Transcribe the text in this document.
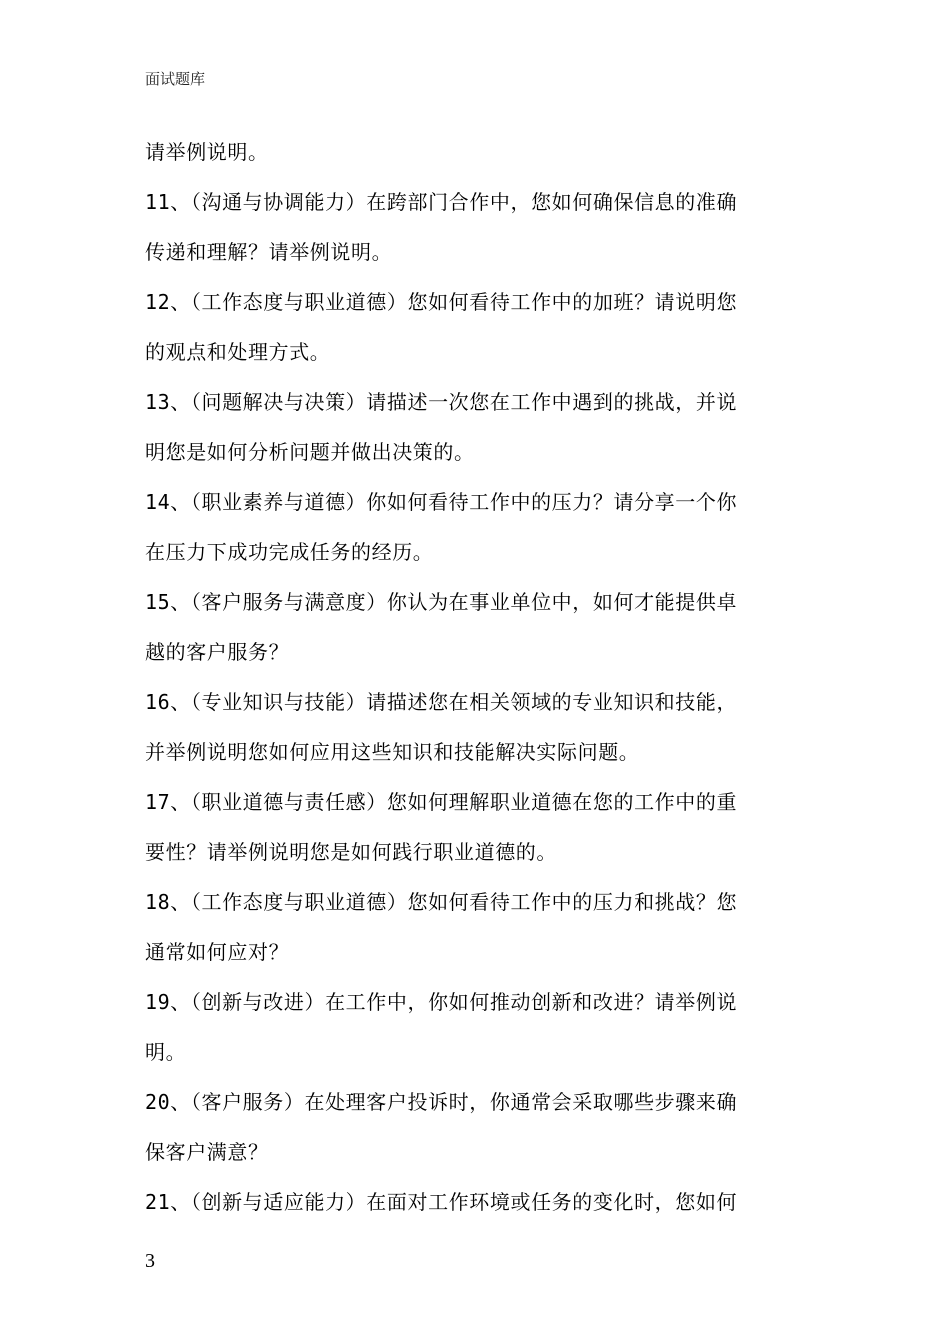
面试题库
请举例说明。
11、（沟通与协调能力）在跨部门合作中，您如何确保信息的准确
传递和理解？请举例说明。
12、（工作态度与职业道德）您如何看待工作中的加班？请说明您
的观点和处理方式。
13、（问题解决与决策）请描述一次您在工作中遇到的挑战，并说
明您是如何分析问题并做出决策的。
14、（职业素养与道德）你如何看待工作中的压力？请分享一个你
在压力下成功完成任务的经历。
15、（客户服务与满意度）你认为在事业单位中，如何才能提供卓
越的客户服务？
16、（专业知识与技能）请描述您在相关领域的专业知识和技能，
并举例说明您如何应用这些知识和技能解决实际问题。
17、（职业道德与责任感）您如何理解职业道德在您的工作中的重
要性？请举例说明您是如何践行职业道德的。
18、（工作态度与职业道德）您如何看待工作中的压力和挑战？您
通常如何应对？
19、（创新与改进）在工作中，你如何推动创新和改进？请举例说
明。
20、（客户服务）在处理客户投诉时，你通常会采取哪些步骤来确
保客户满意？
21、（创新与适应能力）在面对工作环境或任务的变化时，您如何
3
